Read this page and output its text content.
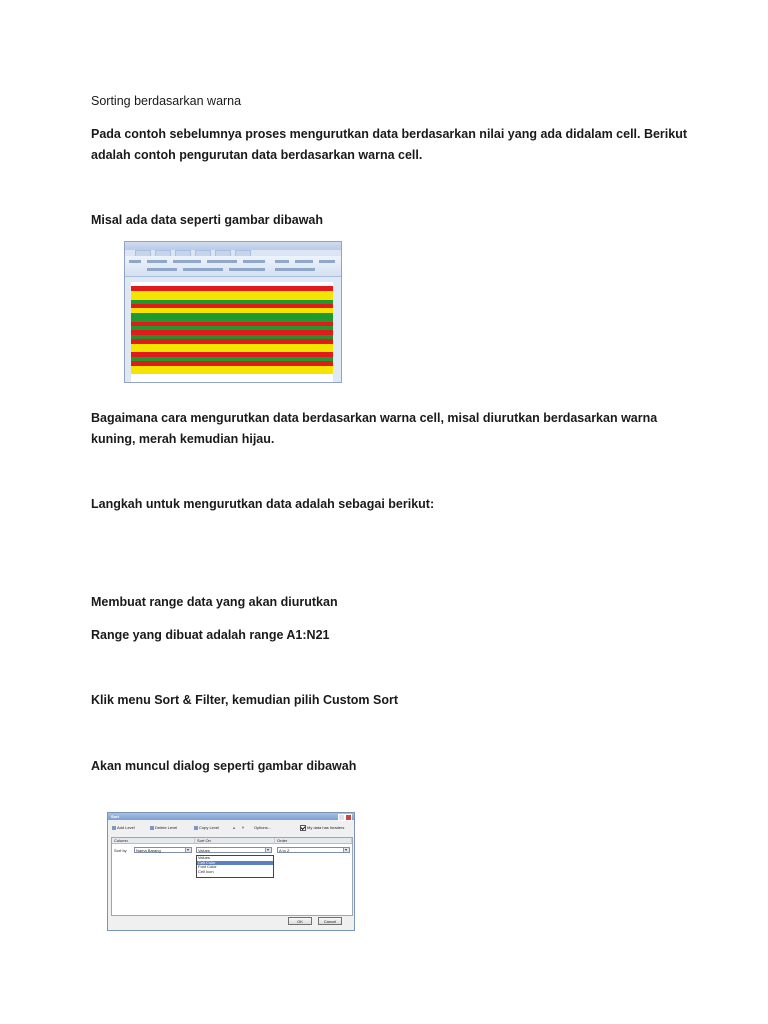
Sorting berdasarkan warna
Pada contoh sebelumnya proses mengurutkan data berdasarkan nilai yang ada didalam cell. Berikut adalah contoh pengurutan data berdasarkan warna cell.
Misal ada data seperti gambar dibawah
Bagaimana cara mengurutkan data berdasarkan warna cell, misal diurutkan berdasarkan warna kuning, merah kemudian hijau.
Langkah untuk mengurutkan data adalah sebagai berikut:
Membuat range data yang akan diurutkan
Range yang dibuat adalah range A1:N21
Klik menu Sort & Filter, kemudian pilih Custom Sort
Akan muncul dialog seperti gambar dibawah
Sort
Add Level	Delete Level	Copy Level	▲ ▼ Options...	My data has headers
Column	Sort On	Order
Sort by	Nama Barang	Values	A to Z
Values
Cell Color
Font Color
Cell Icon
OK	Cancel
